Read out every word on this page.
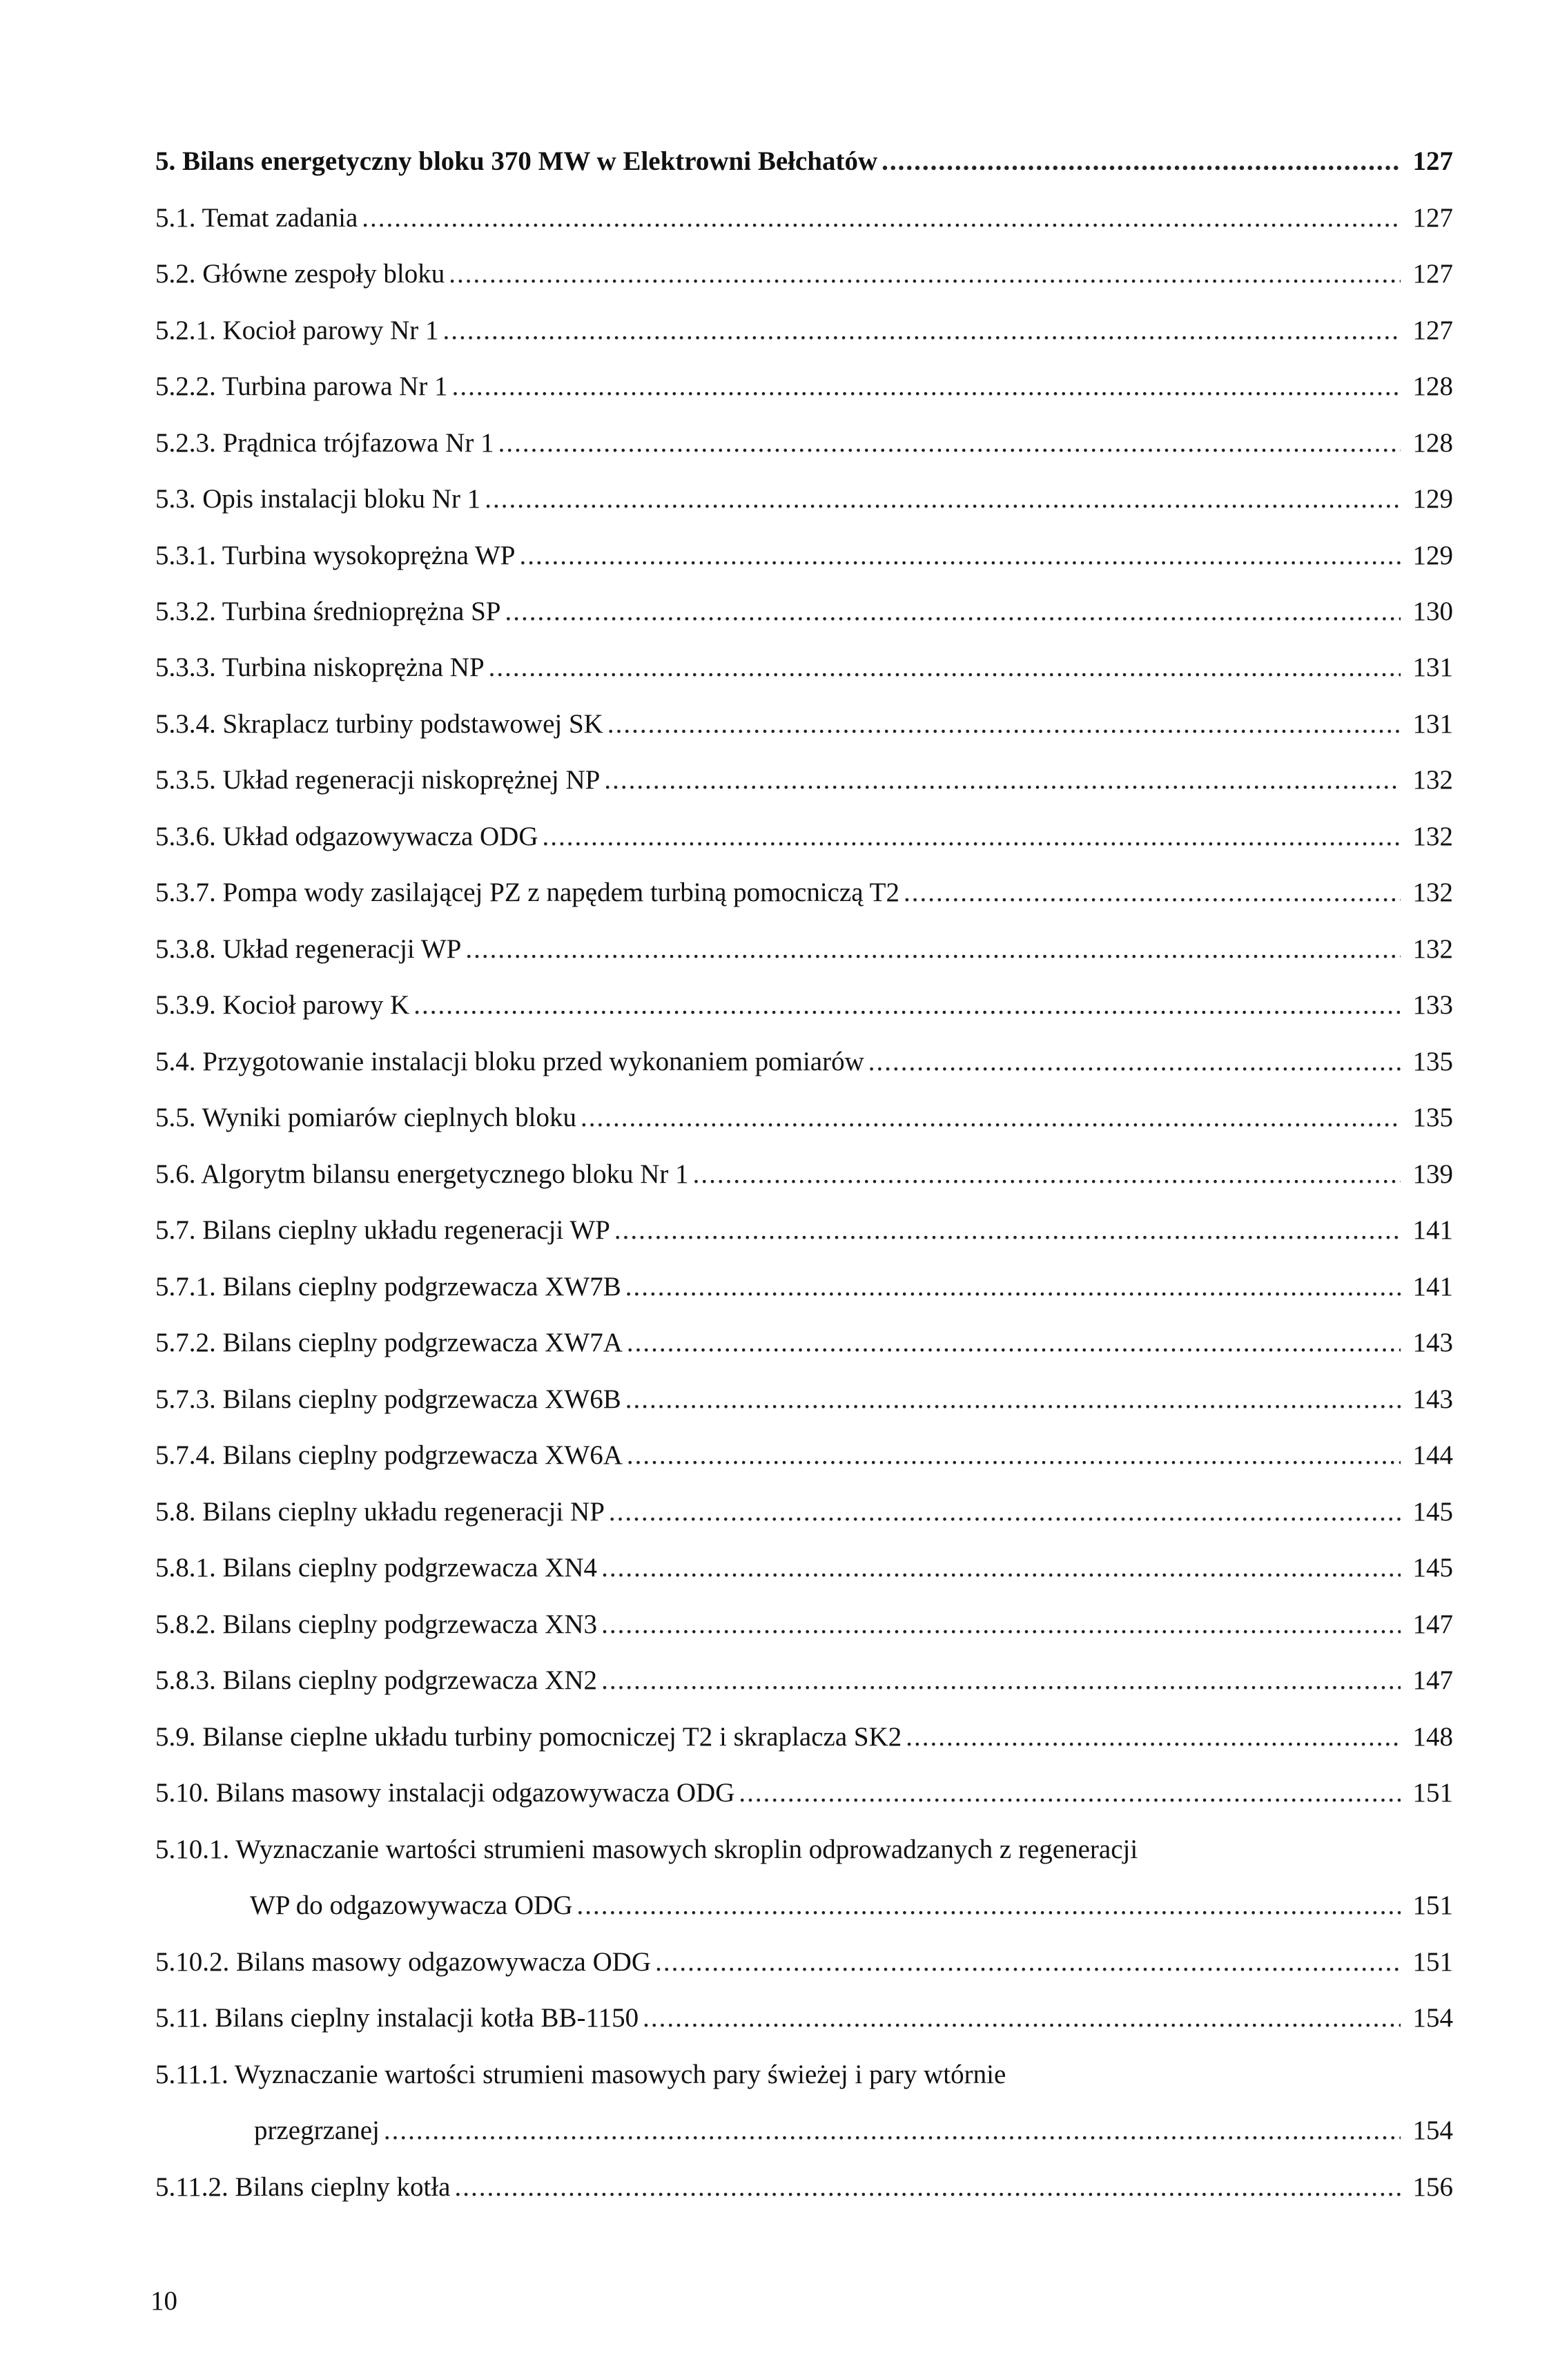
5. Bilans energetyczny bloku 370 MW w Elektrowni Bełchatów .....	127
5.1. Temat zadania .....	127
5.2. Główne zespoły bloku .....	127
5.2.1. Kocioł parowy Nr 1 .....	127
5.2.2. Turbina parowa Nr 1 .....	128
5.2.3. Prądnica trójfazowa Nr 1 .....	128
5.3. Opis instalacji bloku Nr 1 .....	129
5.3.1. Turbina wysokoprężna WP .....	129
5.3.2. Turbina średnioprężna SP .....	130
5.3.3. Turbina niskoprężna NP .....	131
5.3.4. Skraplacz turbiny podstawowej SK .....	131
5.3.5. Układ regeneracji niskoprężnej NP .....	132
5.3.6. Układ odgazowywacza ODG .....	132
5.3.7. Pompa wody zasilającej PZ z napędem turbiną pomocniczą T2 .....	132
5.3.8. Układ regeneracji WP .....	132
5.3.9. Kocioł parowy K .....	133
5.4. Przygotowanie instalacji bloku przed wykonaniem pomiarów .....	135
5.5. Wyniki pomiarów cieplnych bloku .....	135
5.6. Algorytm bilansu energetycznego bloku Nr 1 .....	139
5.7. Bilans cieplny układu regeneracji WP .....	141
5.7.1. Bilans cieplny podgrzewacza XW7B .....	141
5.7.2. Bilans cieplny podgrzewacza XW7A .....	143
5.7.3. Bilans cieplny podgrzewacza XW6B .....	143
5.7.4. Bilans cieplny podgrzewacza XW6A .....	144
5.8. Bilans cieplny układu regeneracji NP .....	145
5.8.1. Bilans cieplny podgrzewacza XN4 .....	145
5.8.2. Bilans cieplny podgrzewacza XN3 .....	147
5.8.3. Bilans cieplny podgrzewacza XN2 .....	147
5.9. Bilanse cieplne układu turbiny pomocniczej T2 i skraplacza SK2 .....	148
5.10. Bilans masowy instalacji odgazowywacza ODG .....	151
5.10.1. Wyznaczanie wartości strumieni masowych skroplin odprowadzanych z regeneracji
WP do odgazowywacza ODG .....	151
5.10.2. Bilans masowy odgazowywacza ODG .....	151
5.11. Bilans cieplny instalacji kotła BB-1150 .....	154
5.11.1. Wyznaczanie wartości strumieni masowych pary świeżej i pary wtórnie
przegrzanej .....	154
5.11.2. Bilans cieplny kotła .....	156
10
